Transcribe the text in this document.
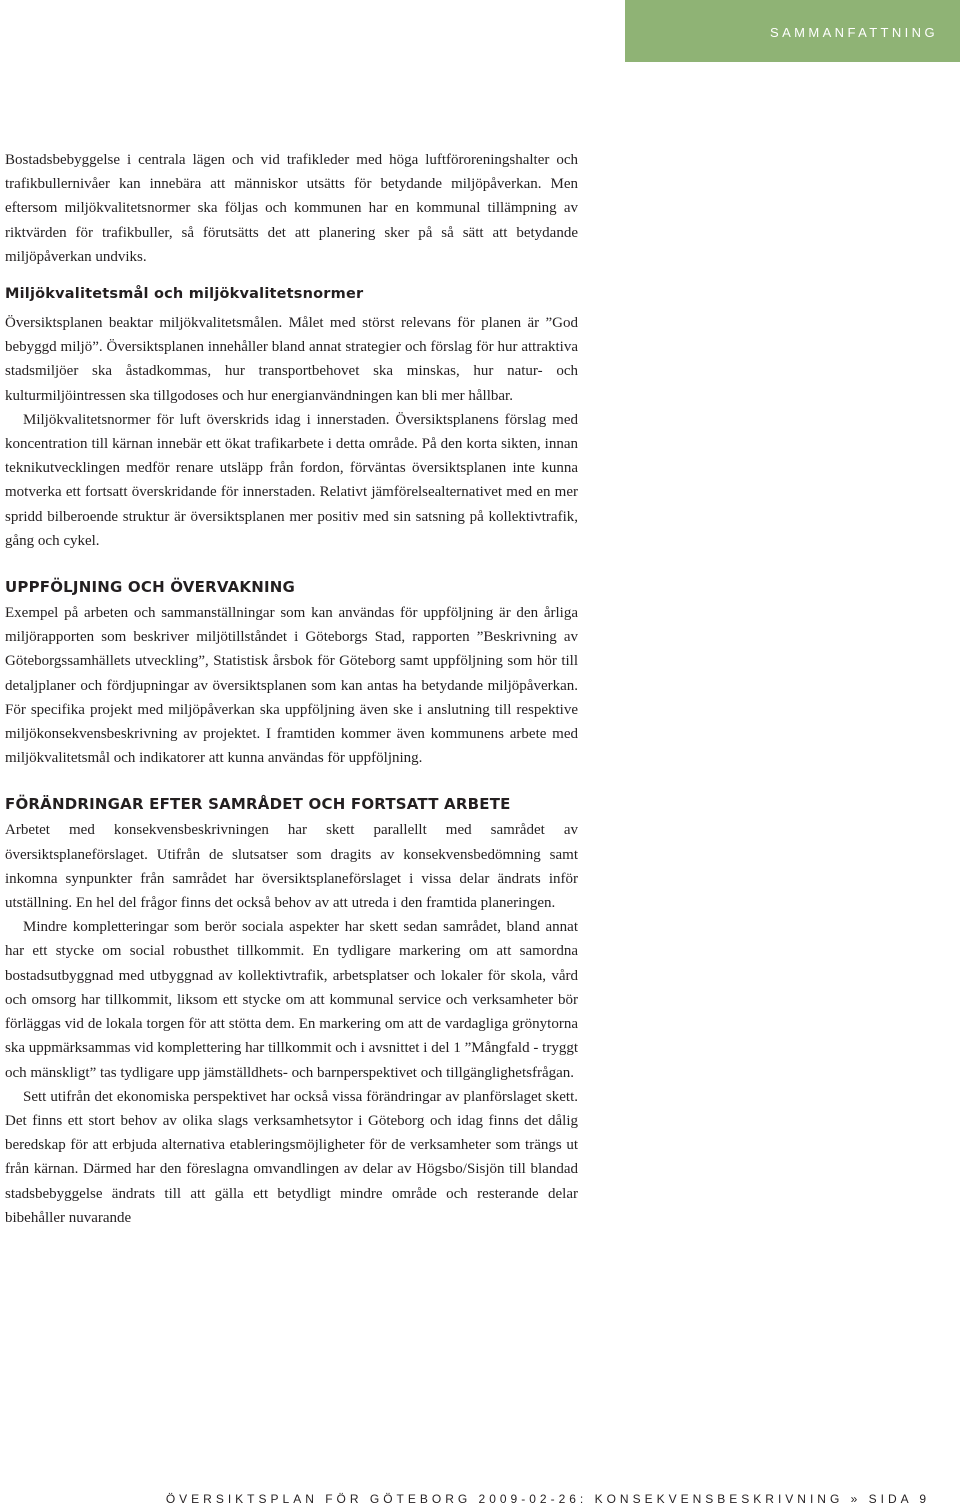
SAMMANFATTNING

Bostadsbebyggelse i centrala lägen och vid trafikleder med höga luftföroreningshalter och trafikbullernivåer kan innebära att människor utsätts för betydande miljöpåverkan. Men eftersom miljökvalitetsnormer ska följas och kommunen har en kommunal tillämpning av riktvärden för trafikbuller, så förutsätts det att planering sker på så sätt att betydande miljöpåverkan undviks.

Miljökvalitetsmål och miljökvalitetsnormer

Översiktsplanen beaktar miljökvalitetsmålen. Målet med störst relevans för planen är ”God bebyggd miljö”. Översiktsplanen innehåller bland annat strategier och förslag för hur attraktiva stadsmiljöer ska åstadkommas, hur transportbehovet ska minskas, hur natur- och kulturmiljöintressen ska tillgodoses och hur energianvändningen kan bli mer hållbar.

Miljökvalitetsnormer för luft överskrids idag i innerstaden. Översiktsplanens förslag med koncentration till kärnan innebär ett ökat trafikarbete i detta område. På den korta sikten, innan teknikutvecklingen medför renare utsläpp från fordon, förväntas översiktsplanen inte kunna motverka ett fortsatt överskridande för innerstaden. Relativt jämförelsealternativet med en mer spridd bilberoende struktur är översiktsplanen mer positiv med sin satsning på kollektivtrafik, gång och cykel.

UPPFÖLJNING OCH ÖVERVAKNING

Exempel på arbeten och sammanställningar som kan användas för uppföljning är den årliga miljörapporten som beskriver miljötillståndet i Göteborgs Stad, rapporten ”Beskrivning av Göteborgssamhällets utveckling”, Statistisk årsbok för Göteborg samt uppföljning som hör till detaljplaner och fördjupningar av översiktsplanen som kan antas ha betydande miljöpåverkan. För specifika projekt med miljöpåverkan ska uppföljning även ske i anslutning till respektive miljökonsekvensbeskrivning av projektet. I framtiden kommer även kommunens arbete med miljökvalitetsmål och indikatorer att kunna användas för uppföljning.

FÖRÄNDRINGAR EFTER SAMRÅDET OCH FORTSATT ARBETE

Arbetet med konsekvensbeskrivningen har skett parallellt med samrådet av översiktsplaneförslaget. Utifrån de slutsatser som dragits av konsekvensbedömning samt inkomna synpunkter från samrådet har översiktsplaneförslaget i vissa delar ändrats inför utställning. En hel del frågor finns det också behov av att utreda i den framtida planeringen.

Mindre kompletteringar som berör sociala aspekter har skett sedan samrådet, bland annat har ett stycke om social robusthet tillkommit. En tydligare markering om att samordna bostadsutbyggnad med utbyggnad av kollektivtrafik, arbetsplatser och lokaler för skola, vård och omsorg har tillkommit, liksom ett stycke om att kommunal service och verksamheter bör förläggas vid de lokala torgen för att stötta dem. En markering om att de vardagliga grönytorna ska uppmärksammas vid komplettering har tillkommit och i avsnittet i del 1 ”Mångfald - tryggt och mänskligt” tas tydligare upp jämställdhets- och barnperspektivet och tillgänglighetsfrågan.

Sett utifrån det ekonomiska perspektivet har också vissa förändringar av planförslaget skett. Det finns ett stort behov av olika slags verksamhetsytor i Göteborg och idag finns det dålig beredskap för att erbjuda alternativa etableringsmöjligheter för de verksamheter som trängs ut från kärnan. Därmed har den föreslagna omvandlingen av delar av Högsbo/Sisjön till blandad stadsbebyggelse ändrats till att gälla ett betydligt mindre område och resterande delar bibehåller nuvarande

ÖVERSIKTSPLAN FÖR GÖTEBORG 2009-02-26: KONSEKVENSBESKRIVNING » SIDA 9
